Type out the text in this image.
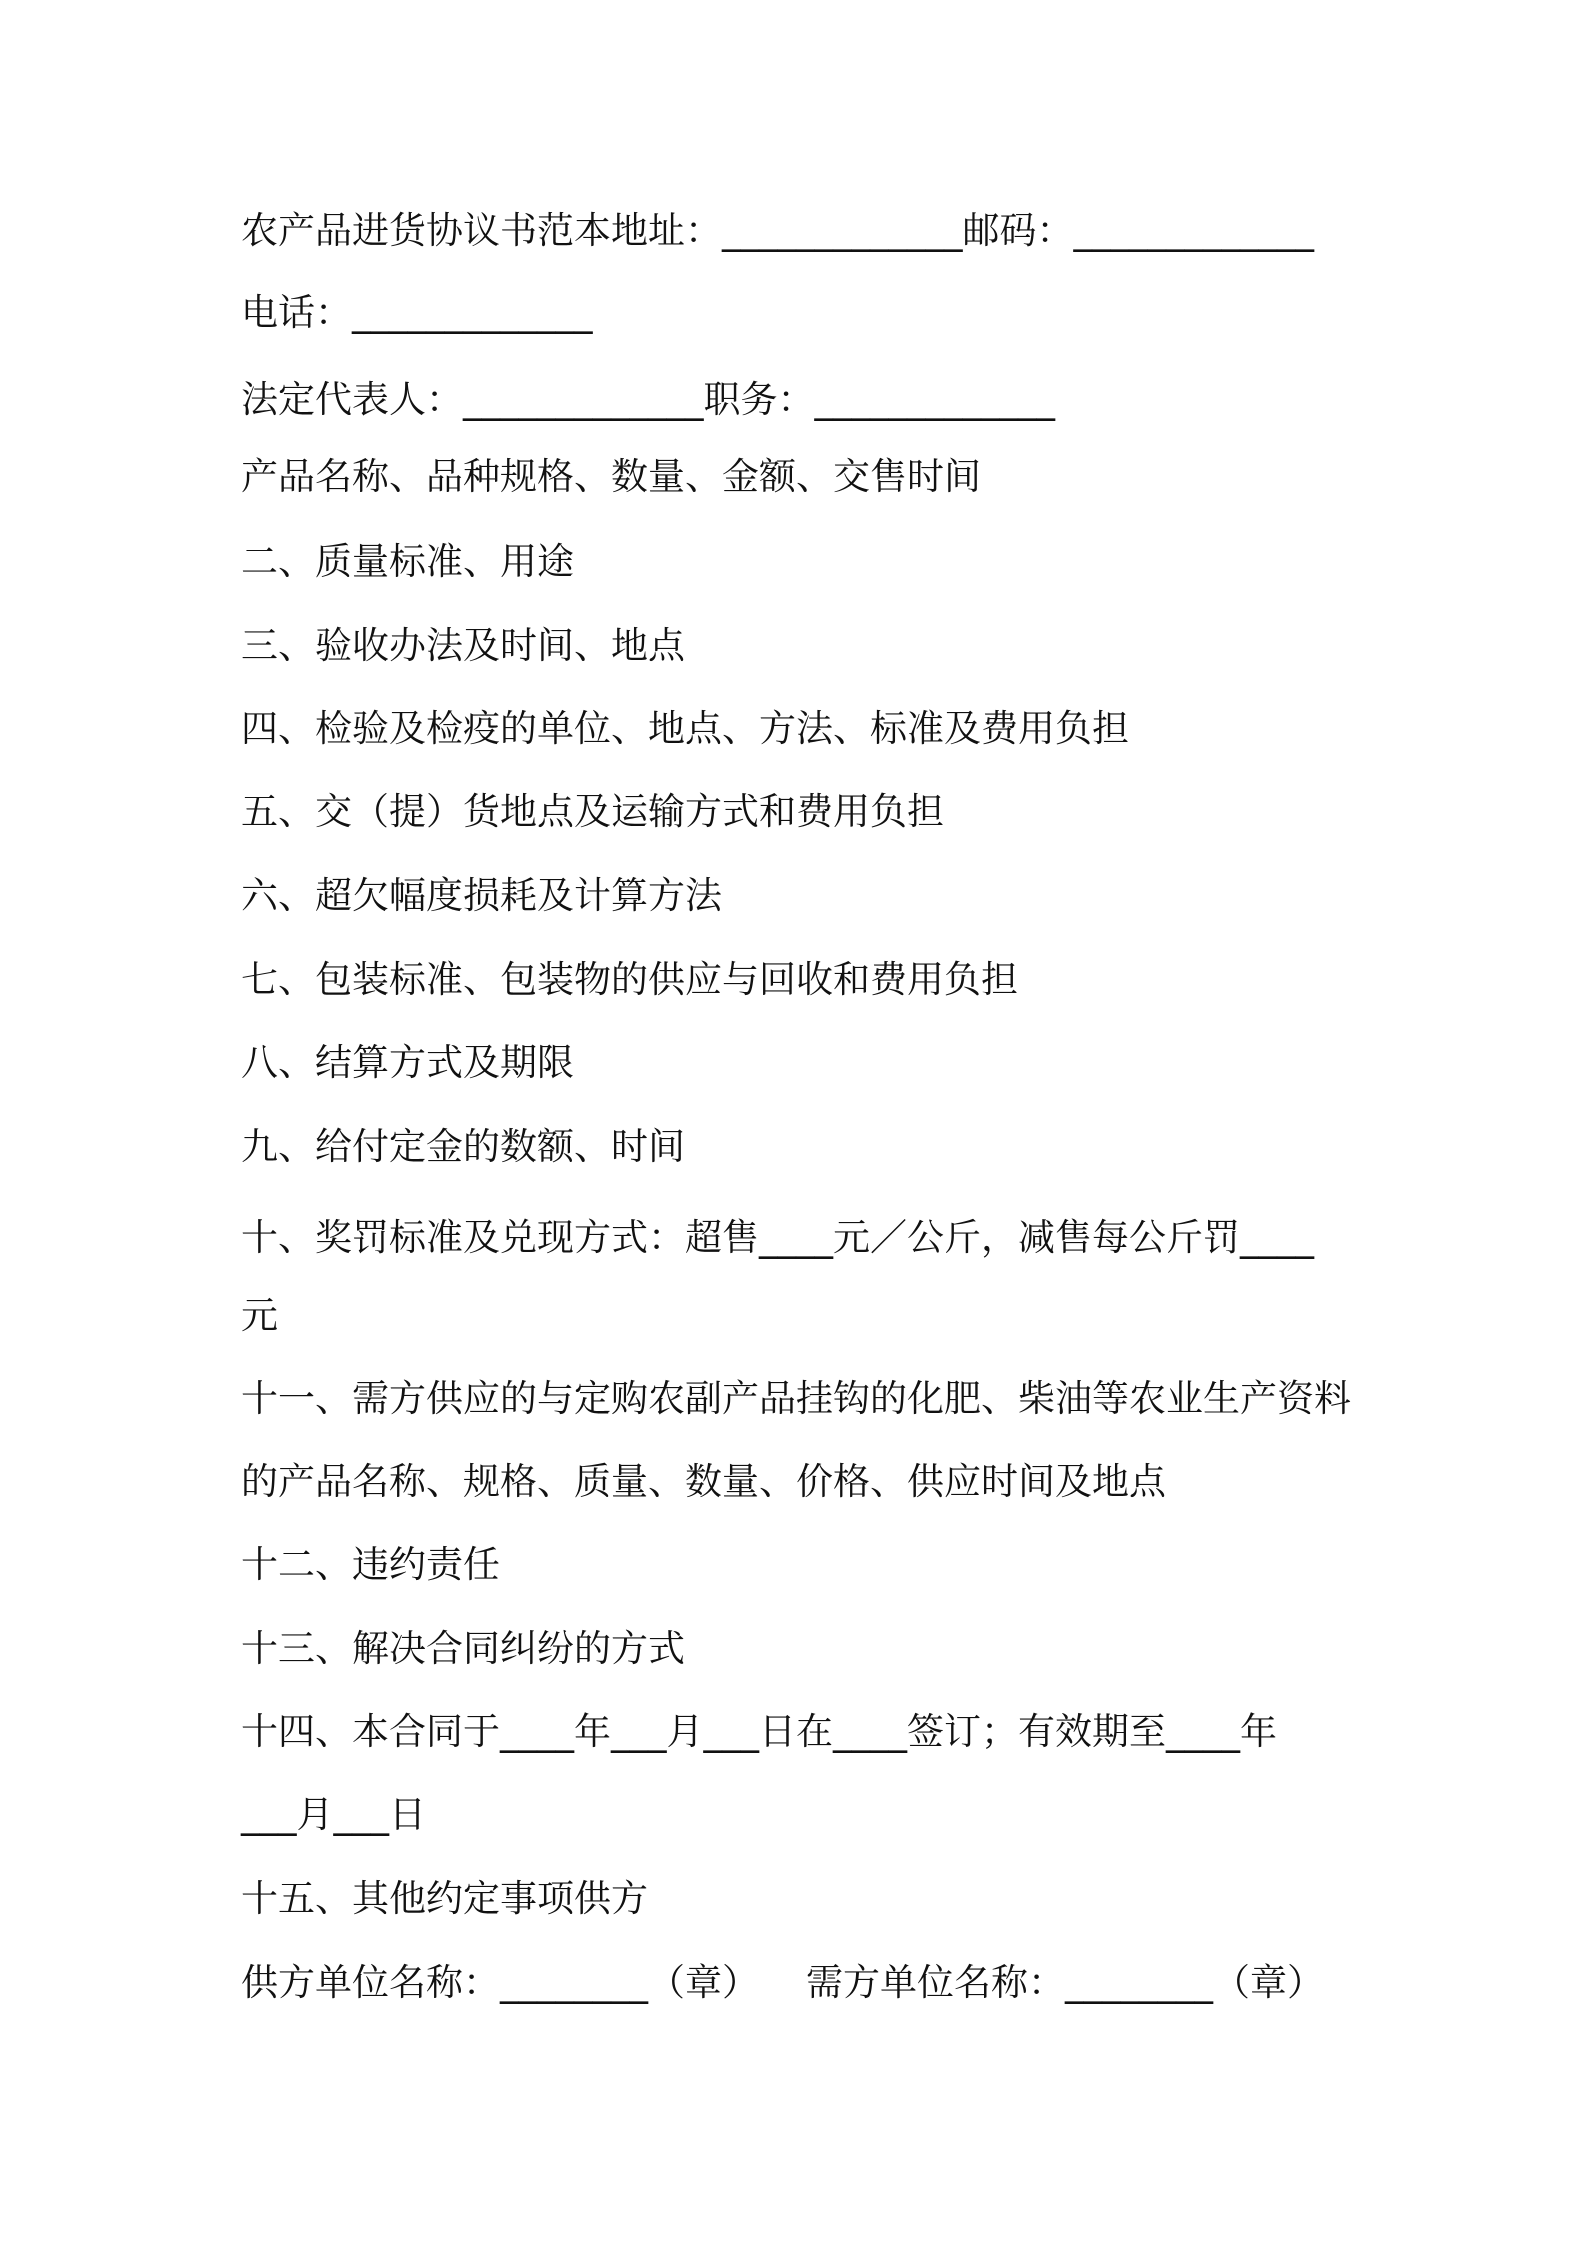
农产品进货协议书范本地址：_____________邮码：_____________
电话：_____________
法定代表人：_____________职务：_____________
产品名称、品种规格、数量、金额、交售时间
二、质量标准、用途
三、验收办法及时间、地点
四、检验及检疫的单位、地点、方法、标准及费用负担
五、交（提）货地点及运输方式和费用负担
六、超欠幅度损耗及计算方法
七、包装标准、包装物的供应与回收和费用负担
八、结算方式及期限
九、给付定金的数额、时间
十、奖罚标准及兑现方式：超售____元／公斤，减售每公斤罚____
元
十一、需方供应的与定购农副产品挂钩的化肥、柴油等农业生产资料
的产品名称、规格、质量、数量、价格、供应时间及地点
十二、违约责任
十三、解决合同纠纷的方式
十四、本合同于____年___月___日在____签订；有效期至____年
___月___日
十五、其他约定事项供方
供方单位名称：________（章）    需方单位名称：________（章）
